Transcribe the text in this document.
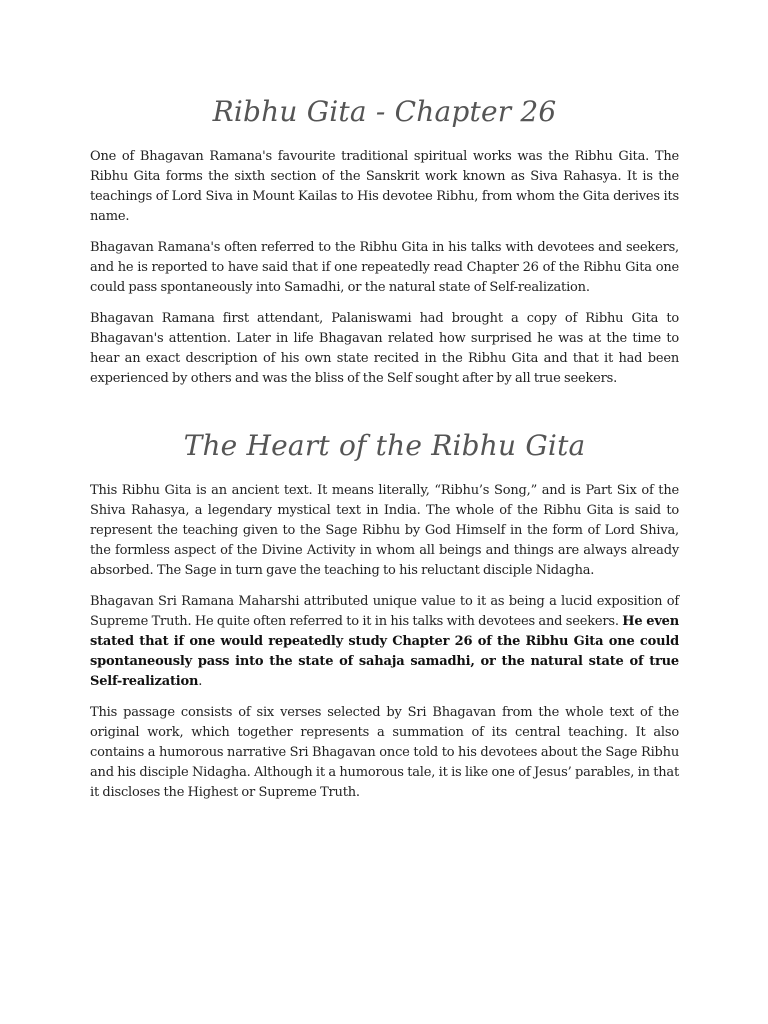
Ribhu Gita - Chapter 26

One of Bhagavan Ramana's favourite traditional spiritual works was the Ribhu Gita. The Ribhu Gita forms the sixth section of the Sanskrit work known as Siva Rahasya. It is the teachings of Lord Siva in Mount Kailas to His devotee Ribhu, from whom the Gita derives its name.

Bhagavan Ramana's often referred to the Ribhu Gita in his talks with devotees and seekers, and he is reported to have said that if one repeatedly read Chapter 26 of the Ribhu Gita one could pass spontaneously into Samadhi, or the natural state of Self-realization.

Bhagavan Ramana first attendant, Palaniswami had brought a copy of Ribhu Gita to Bhagavan's attention. Later in life Bhagavan related how surprised he was at the time to hear an exact description of his own state recited in the Ribhu Gita and that it had been experienced by others and was the bliss of the Self sought after by all true seekers.

The Heart of the Ribhu Gita

This Ribhu Gita is an ancient text. It means literally, “Ribhu’s Song,” and is Part Six of the Shiva Rahasya, a legendary mystical text in India. The whole of the Ribhu Gita is said to represent the teaching given to the Sage Ribhu by God Himself in the form of Lord Shiva, the formless aspect of the Divine Activity in whom all beings and things are always already absorbed. The Sage in turn gave the teaching to his reluctant disciple Nidagha.

Bhagavan Sri Ramana Maharshi attributed unique value to it as being a lucid exposition of Supreme Truth. He quite often referred to it in his talks with devotees and seekers. He even stated that if one would repeatedly study Chapter 26 of the Ribhu Gita one could spontaneously pass into the state of sahaja samadhi, or the natural state of true Self-realization.

This passage consists of six verses selected by Sri Bhagavan from the whole text of the original work, which together represents a summation of its central teaching. It also contains a humorous narrative Sri Bhagavan once told to his devotees about the Sage Ribhu and his disciple Nidagha. Although it a humorous tale, it is like one of Jesus’ parables, in that it discloses the Highest or Supreme Truth.
